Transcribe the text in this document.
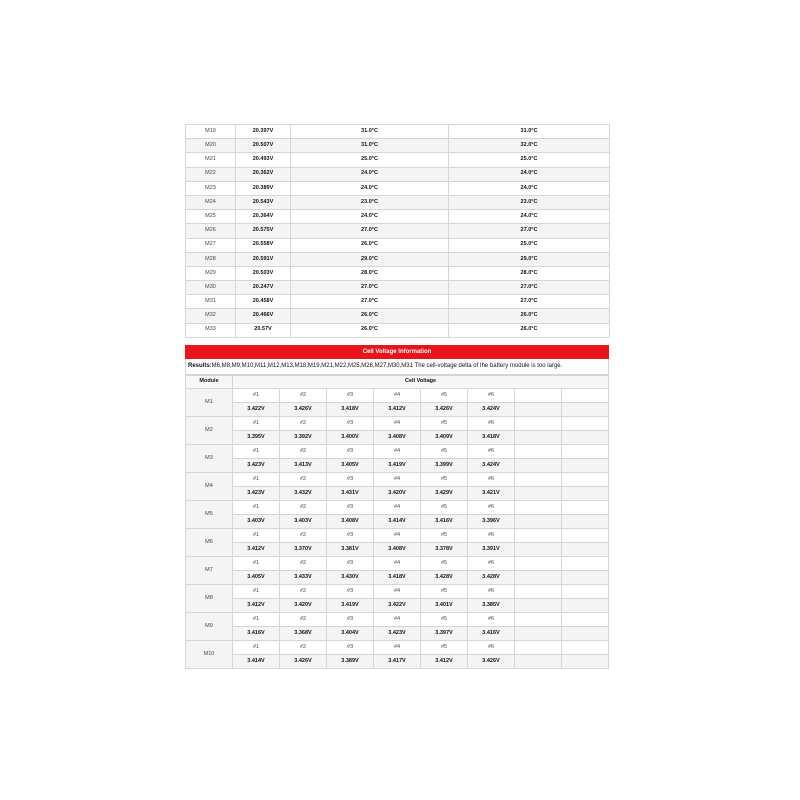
M19	20.397V	31.0°C	31.0°C
M20	20.507V	31.0°C	32.0°C
M21	20.493V	25.0°C	25.0°C
M22	20.362V	24.0°C	24.0°C
M23	20.389V	24.0°C	24.0°C
M24	20.543V	23.0°C	23.0°C
M25	20.364V	24.0°C	24.0°C
M26	20.575V	27.0°C	27.0°C
M27	20.558V	26.0°C	25.0°C
M28	20.591V	29.0°C	29.0°C
M29	20.503V	28.0°C	28.0°C
M30	20.247V	27.0°C	27.0°C
M31	20.458V	27.0°C	27.0°C
M32	20.466V	26.0°C	26.0°C
M33	20.57V	26.0°C	26.0°C
Cell Voltage Information
Results:M6,M8,M9,M10,M11,M12,M13,M18,M19,M21,M22,M25,M26,M27,M30,M31 The cell-voltage delta of the battery module is too large.
Module	Cell Voltage							
M1	#1	#2	#3	#4	#5	#6		
	3.422V	3.426V	3.418V	3.412V	3.426V	3.424V		
M2	#1	#2	#3	#4	#5	#6		
	3.395V	3.392V	3.400V	3.408V	3.409V	3.418V		
M3	#1	#2	#3	#4	#5	#6		
	3.423V	3.413V	3.405V	3.419V	3.399V	3.424V		
M4	#1	#2	#3	#4	#5	#6		
	3.423V	3.432V	3.431V	3.420V	3.429V	3.421V		
M5	#1	#2	#3	#4	#5	#6		
	3.403V	3.403V	3.408V	3.414V	3.416V	3.396V		
M6	#1	#2	#3	#4	#5	#6		
	3.412V	3.370V	3.381V	3.408V	3.378V	3.391V		
M7	#1	#2	#3	#4	#5	#6		
	3.405V	3.433V	3.430V	3.418V	3.428V	3.428V		
M8	#1	#2	#3	#4	#5	#6		
	3.412V	3.420V	3.419V	3.422V	3.401V	3.385V		
M9	#1	#2	#3	#4	#5	#6		
	3.416V	3.368V	3.404V	3.423V	3.397V	3.416V		
M10	#1	#2	#3	#4	#5	#6		
	3.414V	3.426V	3.389V	3.417V	3.412V	3.426V		
